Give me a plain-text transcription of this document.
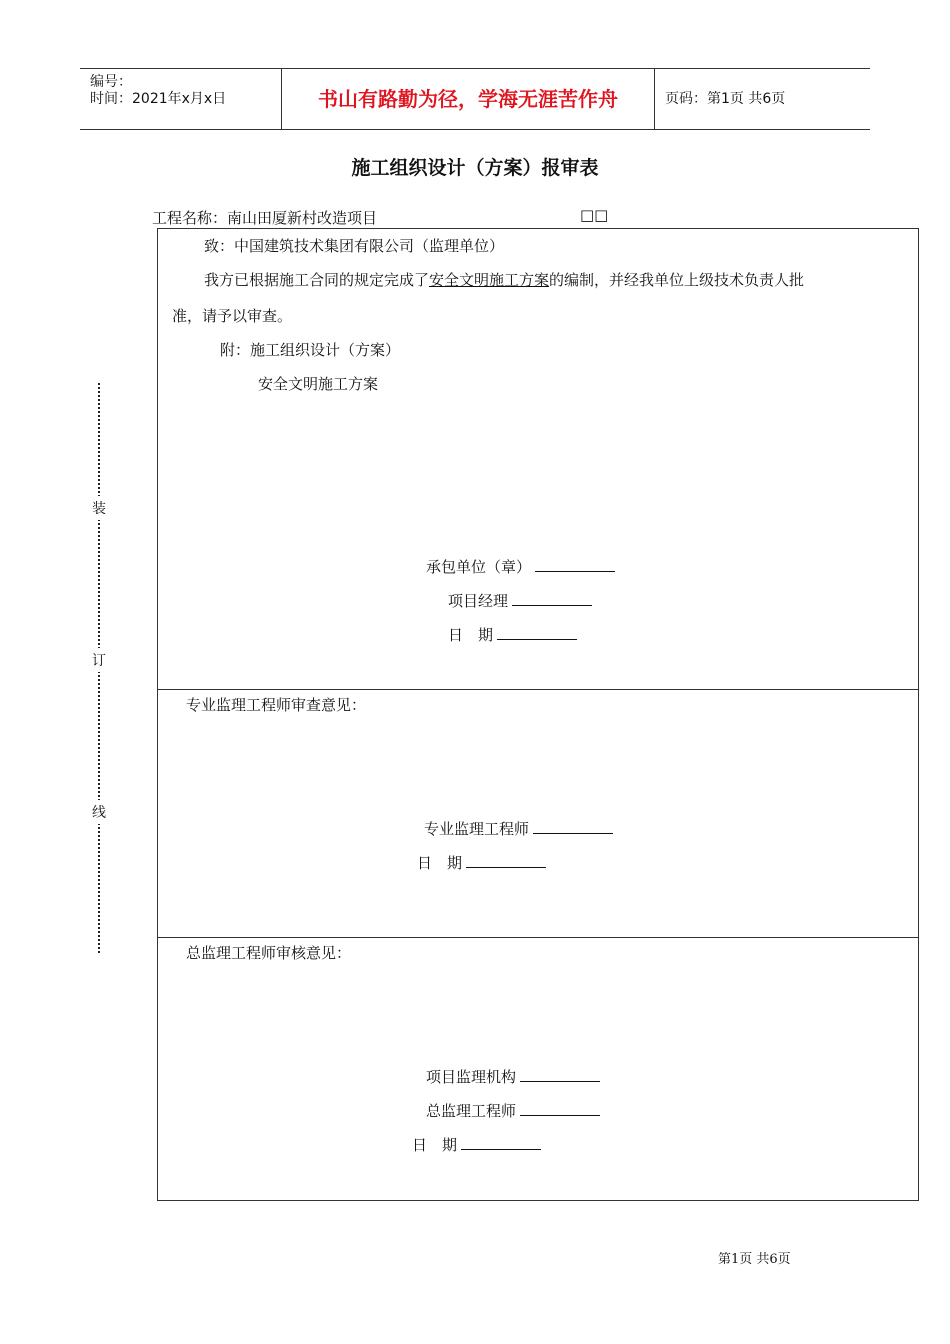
编号：
时间：2021年x月x日	书山有路勤为径，学海无涯苦作舟	页码：第1页 共6页
施工组织设计（方案）报审表
工程名称：南山田厦新村改造项目	□□
装
订
线
致：中国建筑技术集团有限公司（监理单位）
我方已根据施工合同的规定完成了安全文明施工方案的编制，并经我单位上级技术负责人批
准，请予以审查。
附：施工组织设计（方案）
安全文明施工方案
承包单位（章）
项目经理
日　期
专业监理工程师审查意见：
专业监理工程师
日　期
总监理工程师审核意见：
项目监理机构
总监理工程师
日　期
第1页 共6页
